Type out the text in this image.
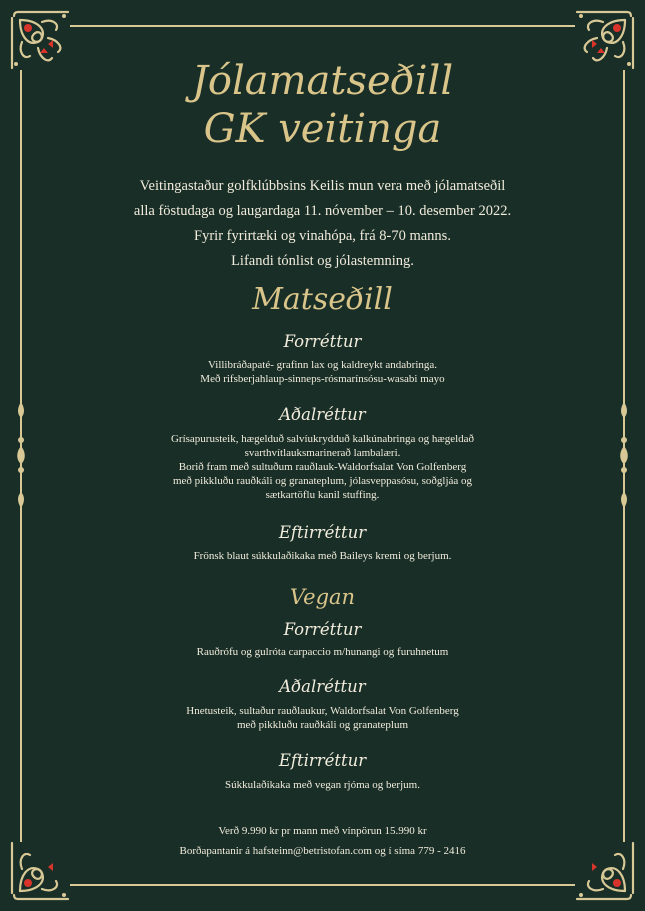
Jólamatseðill
GK veitinga
Veitingastaður golfklúbbsins Keilis mun vera með jólamatseðil
alla föstudaga og laugardaga 11. nóvember – 10. desember 2022.
Fyrir fyrirtæki og vinahópa, frá 8-70 manns.
Lifandi tónlist og jólastemning.
Matseðill
Forréttur
Villibráðapaté- grafinn lax og kaldreykt andabringa.
Með rifsberjahlaup-sinneps-rósmarínsósu-wasabi mayo
Aðalréttur
Grísapurusteik, hægelduð salvíukrydduð kalkúnabringa og hægeldað
svarthvítlauksmarinerað lambalæri.
Borið fram með sultuðum rauðlauk-Waldorfsalat Von Golfenberg
með pikkluðu rauðkáli og granateplum, jólasveppasósu, soðgljáa og
sætkartöflu kanil stuffing.
Eftirréttur
Frönsk blaut súkkulaðikaka með Baileys kremi og berjum.
Vegan
Forréttur
Rauðrófu og gulróta carpaccio m/hunangi og furuhnetum
Aðalréttur
Hnetusteik, sultaður rauðlaukur, Waldorfsalat Von Golfenberg
með pikkluðu rauðkáli og granateplum
Eftirréttur
Súkkulaðikaka með vegan rjóma og berjum.
Verð 9.990 kr pr mann með vínpörun 15.990 kr
Borðapantanir á hafsteinn@betristofan.com og í síma 779 - 2416
